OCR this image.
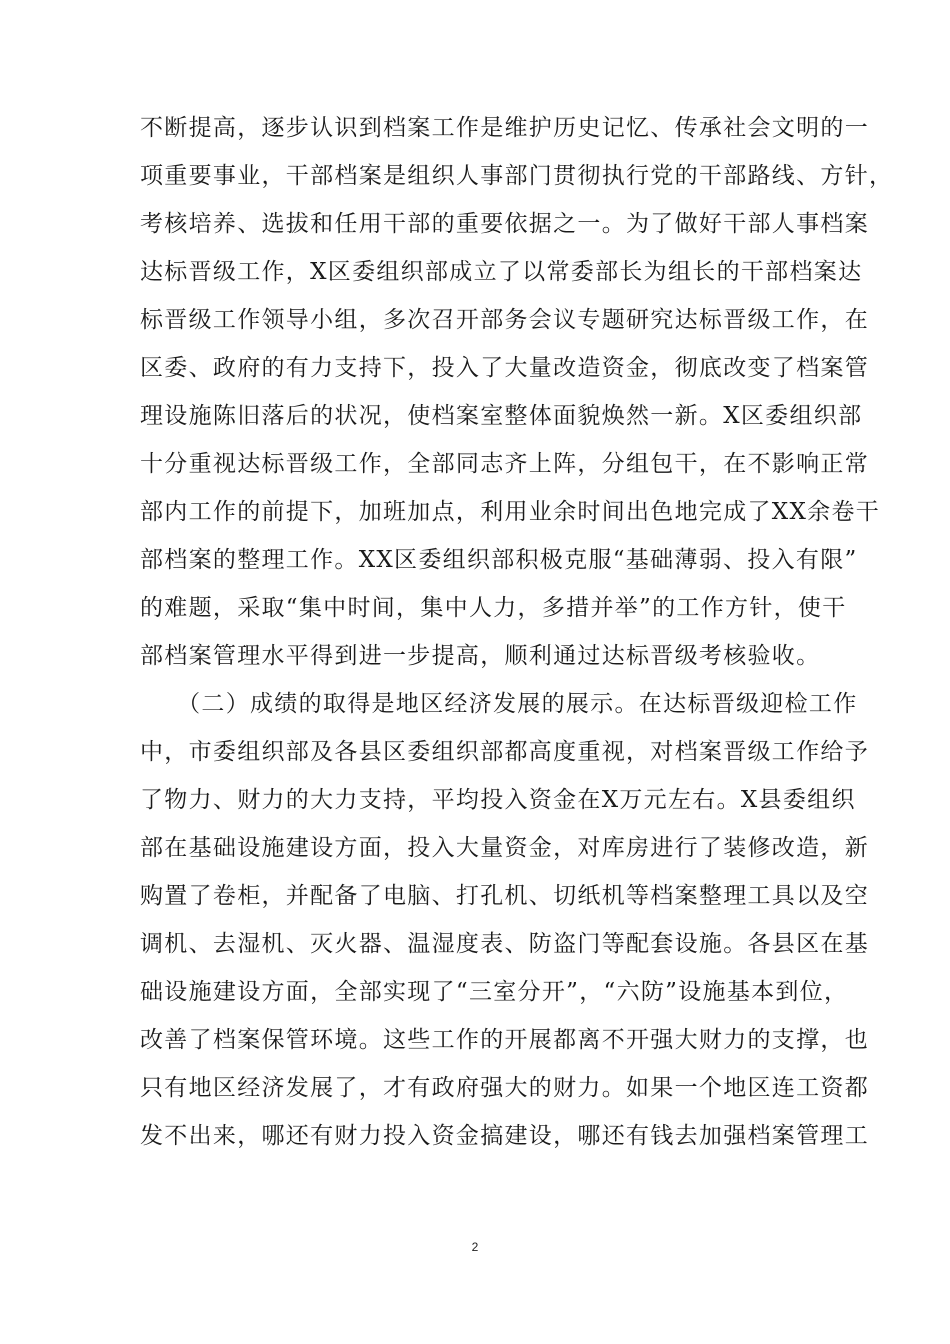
不断提高，逐步认识到档案工作是维护历史记忆、传承社会文明的一
项重要事业，干部档案是组织人事部门贯彻执行党的干部路线、方针，
考核培养、选拔和任用干部的重要依据之一。为了做好干部人事档案
达标晋级工作，X区委组织部成立了以常委部长为组长的干部档案达
标晋级工作领导小组，多次召开部务会议专题研究达标晋级工作，在
区委、政府的有力支持下，投入了大量改造资金，彻底改变了档案管
理设施陈旧落后的状况，使档案室整体面貌焕然一新。X区委组织部
十分重视达标晋级工作，全部同志齐上阵，分组包干，在不影响正常
部内工作的前提下，加班加点，利用业余时间出色地完成了XX余卷干
部档案的整理工作。XX区委组织部积极克服“基础薄弱、投入有限”
的难题，采取“集中时间，集中人力，多措并举”的工作方针，使干
部档案管理水平得到进一步提高，顺利通过达标晋级考核验收。
　　（二）成绩的取得是地区经济发展的展示。在达标晋级迎检工作
中，市委组织部及各县区委组织部都高度重视，对档案晋级工作给予
了物力、财力的大力支持，平均投入资金在X万元左右。X县委组织
部在基础设施建设方面，投入大量资金，对库房进行了装修改造，新
购置了卷柜，并配备了电脑、打孔机、切纸机等档案整理工具以及空
调机、去湿机、灭火器、温湿度表、防盗门等配套设施。各县区在基
础设施建设方面，全部实现了“三室分开”，“六防”设施基本到位，
改善了档案保管环境。这些工作的开展都离不开强大财力的支撑，也
只有地区经济发展了，才有政府强大的财力。如果一个地区连工资都
发不出来，哪还有财力投入资金搞建设，哪还有钱去加强档案管理工
2
